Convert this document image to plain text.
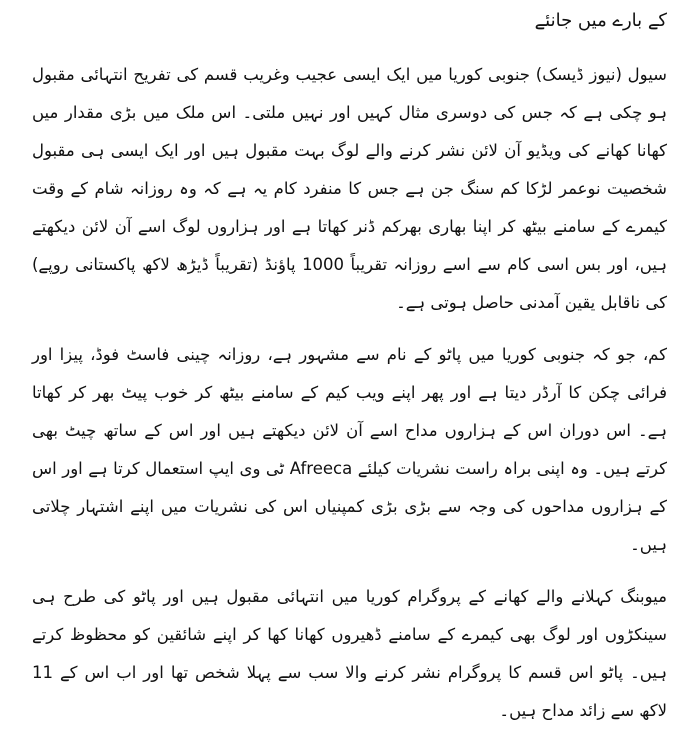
کے بارے میں جانئے

سیول (نیوز ڈیسک) جنوبی کوریا میں ایک ایسی عجیب وغریب قسم کی تفریح انتہائی مقبول ہو چکی ہے کہ جس کی دوسری مثال کہیں اور نہیں ملتی۔ اس ملک میں بڑی مقدار میں کھانا کھانے کی ویڈیو آن لائن نشر کرنے والے لوگ بہت مقبول ہیں اور ایک ایسی ہی مقبول شخصیت نوعمر لڑکا کم سنگ جن ہے جس کا منفرد کام یہ ہے کہ وہ روزانہ شام کے وقت کیمرے کے سامنے بیٹھ کر اپنا بھاری بھرکم ڈنر کھاتا ہے اور ہزاروں لوگ اسے آن لائن دیکھتے ہیں، اور بس اسی کام سے اسے روزانہ تقریباً 1000 پاؤنڈ (تقریباً ڈیڑھ لاکھ پاکستانی روپے) کی ناقابل یقین آمدنی حاصل ہوتی ہے۔

کم، جو کہ جنوبی کوریا میں پاٹو کے نام سے مشہور ہے، روزانہ چینی فاسٹ فوڈ، پیزا اور فرائی چکن کا آرڈر دیتا ہے اور پھر اپنے ویب کیم کے سامنے بیٹھ کر خوب پیٹ بھر کر کھاتا ہے۔ اس دوران اس کے ہزاروں مداح اسے آن لائن دیکھتے ہیں اور اس کے ساتھ چیٹ بھی کرتے ہیں۔ وہ اپنی براہ راست نشریات کیلئے Afreeca ٹی وی ایپ استعمال کرتا ہے اور اس کے ہزاروں مداحوں کی وجہ سے بڑی بڑی کمپنیاں اس کی نشریات میں اپنے اشتہار چلاتی ہیں۔

میوبنگ کہلانے والے کھانے کے پروگرام کوریا میں انتہائی مقبول ہیں اور پاٹو کی طرح ہی سینکڑوں اور لوگ بھی کیمرے کے سامنے ڈھیروں کھانا کھا کر اپنے شائقین کو محظوظ کرتے ہیں۔ پاٹو اس قسم کا پروگرام نشر کرنے والا سب سے پہلا شخص تھا اور اب اس کے 11 لاکھ سے زائد مداح ہیں۔
